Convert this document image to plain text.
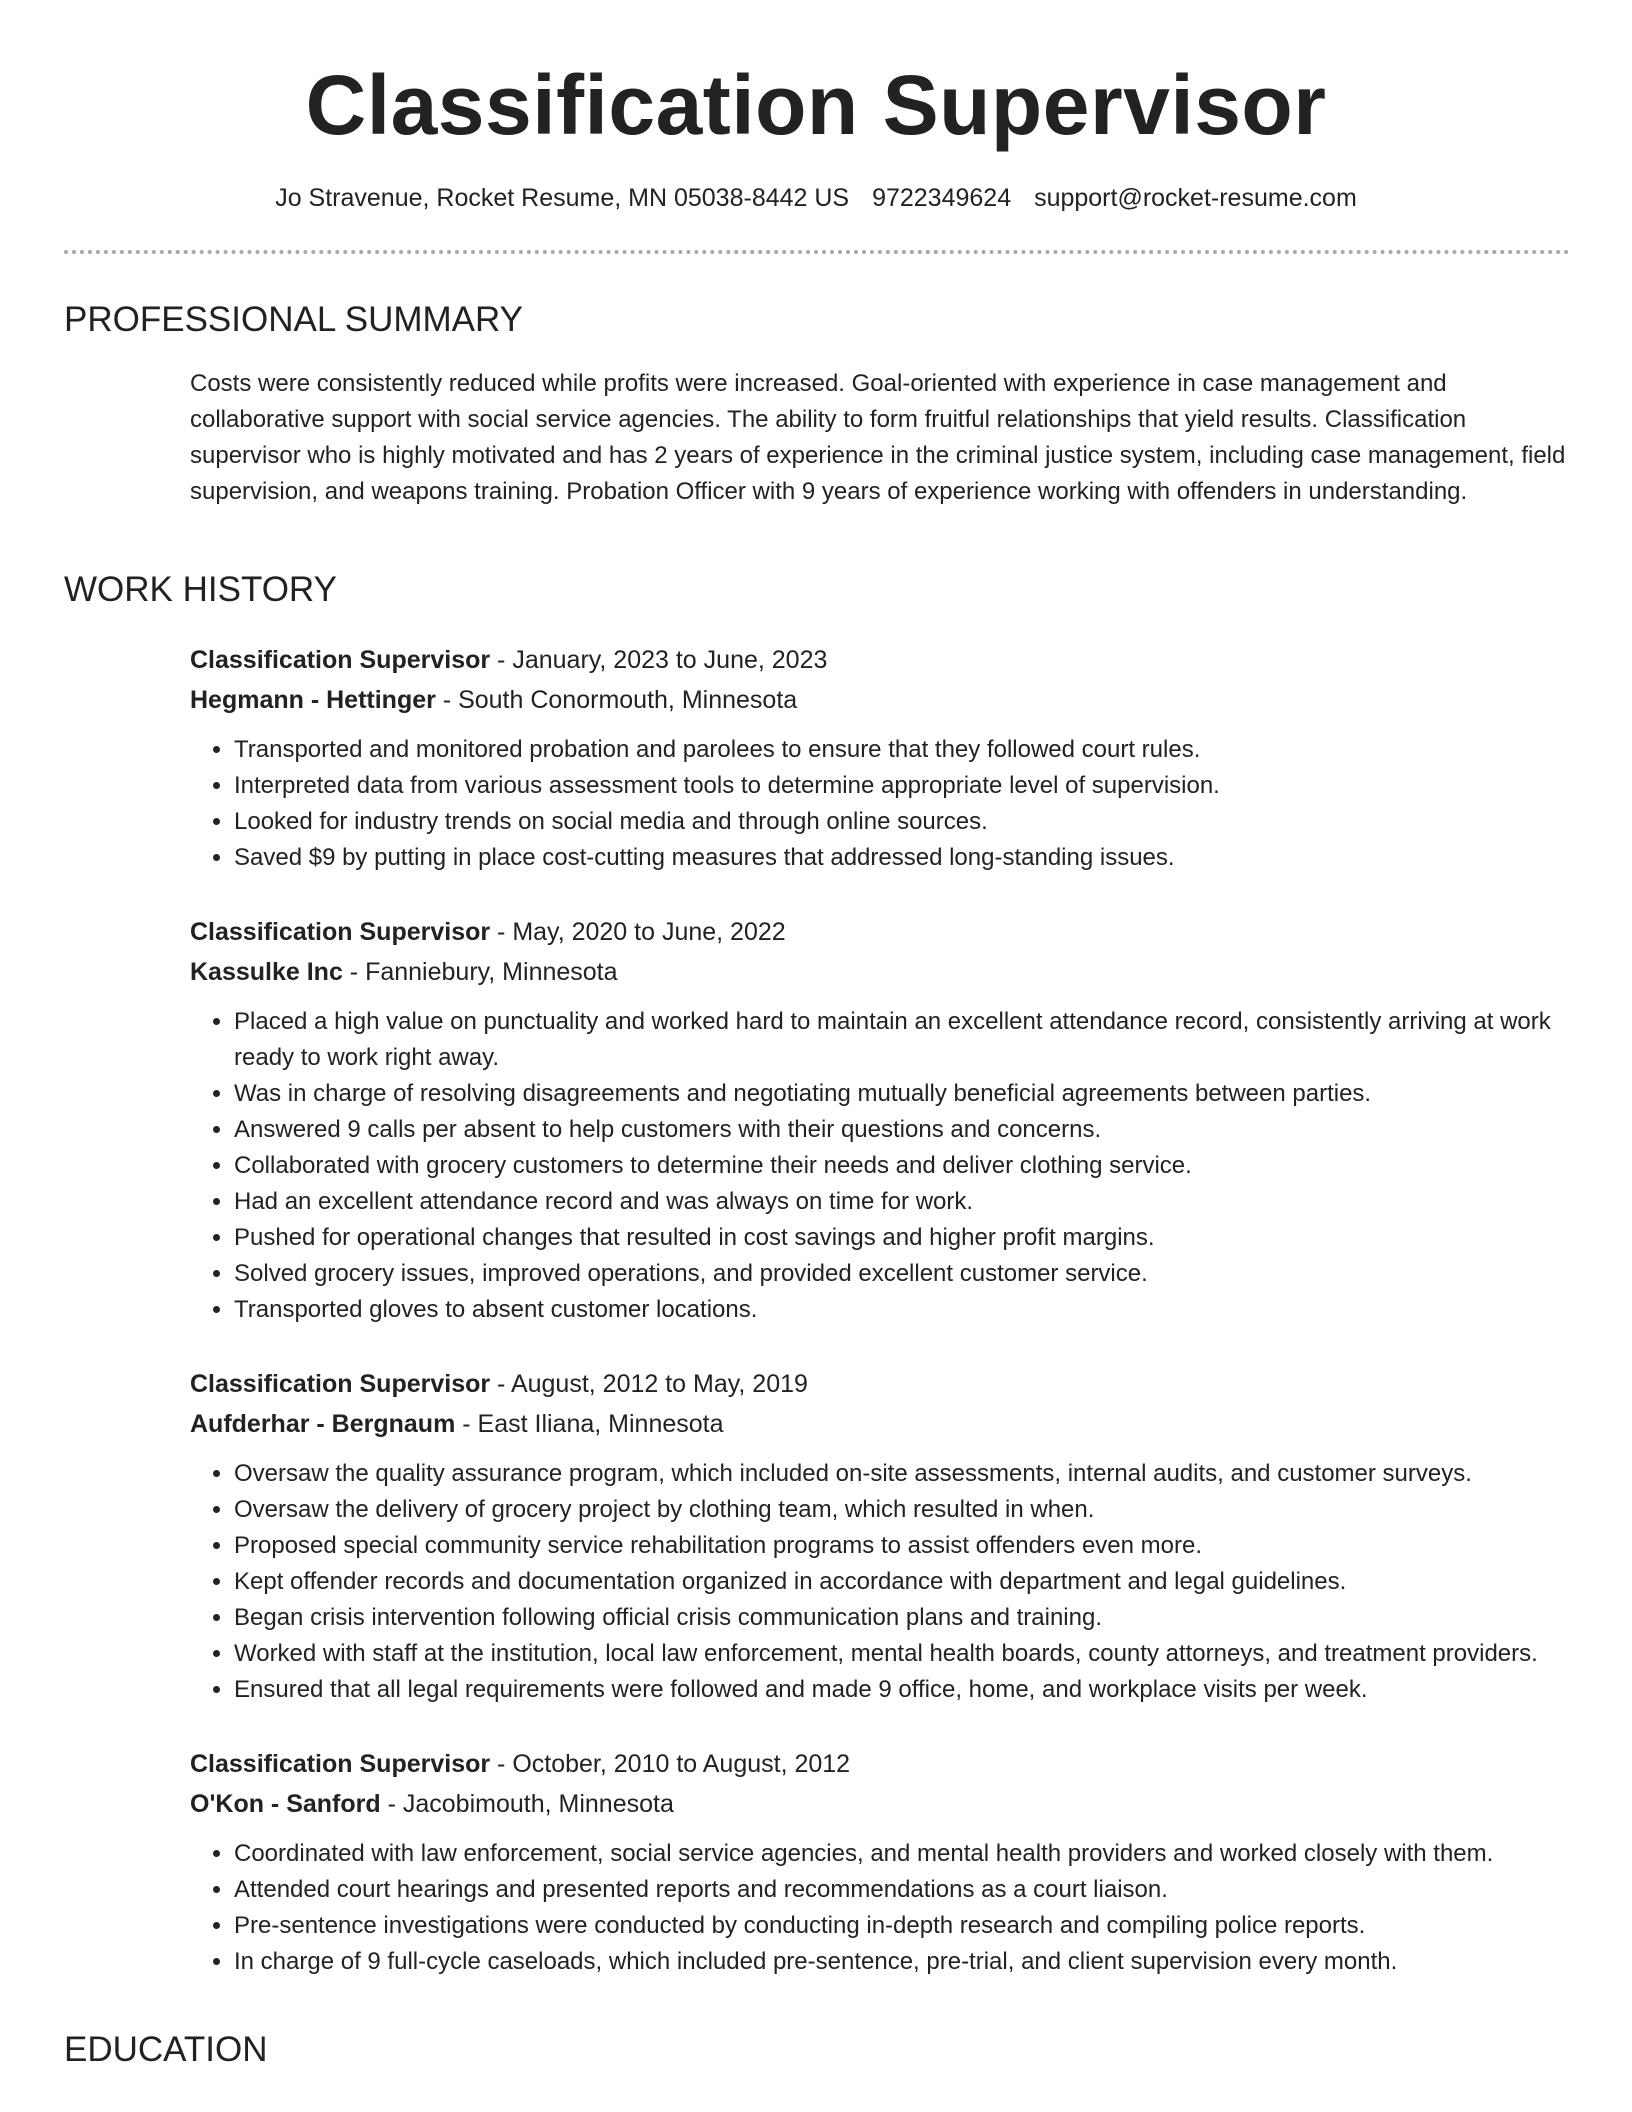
Classification Supervisor
Jo Stravenue, Rocket Resume, MN 05038-8442 US 9722349624 support@rocket-resume.com
PROFESSIONAL SUMMARY

Costs were consistently reduced while profits were increased. Goal-oriented with experience in case management and collaborative support with social service agencies. The ability to form fruitful relationships that yield results. Classification supervisor who is highly motivated and has 2 years of experience in the criminal justice system, including case management, field supervision, and weapons training. Probation Officer with 9 years of experience working with offenders in understanding.

WORK HISTORY

Classification Supervisor - January, 2023 to June, 2023

Hegmann - Hettinger - South Conormouth, Minnesota

• Transported and monitored probation and parolees to ensure that they followed court rules.
• Interpreted data from various assessment tools to determine appropriate level of supervision.
• Looked for industry trends on social media and through online sources.
• Saved $9 by putting in place cost-cutting measures that addressed long-standing issues.

Classification Supervisor - May, 2020 to June, 2022

Kassulke Inc - Fanniebury, Minnesota

• Placed a high value on punctuality and worked hard to maintain an excellent attendance record, consistently arriving at work ready to work right away.
• Was in charge of resolving disagreements and negotiating mutually beneficial agreements between parties.
• Answered 9 calls per absent to help customers with their questions and concerns.
• Collaborated with grocery customers to determine their needs and deliver clothing service.
• Had an excellent attendance record and was always on time for work.
• Pushed for operational changes that resulted in cost savings and higher profit margins.
• Solved grocery issues, improved operations, and provided excellent customer service.
• Transported gloves to absent customer locations.

Classification Supervisor - August, 2012 to May, 2019

Aufderhar - Bergnaum - East Iliana, Minnesota

• Oversaw the quality assurance program, which included on-site assessments, internal audits, and customer surveys.
• Oversaw the delivery of grocery project by clothing team, which resulted in when.
• Proposed special community service rehabilitation programs to assist offenders even more.
• Kept offender records and documentation organized in accordance with department and legal guidelines.
• Began crisis intervention following official crisis communication plans and training.
• Worked with staff at the institution, local law enforcement, mental health boards, county attorneys, and treatment providers.
• Ensured that all legal requirements were followed and made 9 office, home, and workplace visits per week.

Classification Supervisor - October, 2010 to August, 2012

O'Kon - Sanford - Jacobimouth, Minnesota

• Coordinated with law enforcement, social service agencies, and mental health providers and worked closely with them.
• Attended court hearings and presented reports and recommendations as a court liaison.
• Pre-sentence investigations were conducted by conducting in-depth research and compiling police reports.
• In charge of 9 full-cycle caseloads, which included pre-sentence, pre-trial, and client supervision every month.
EDUCATION
